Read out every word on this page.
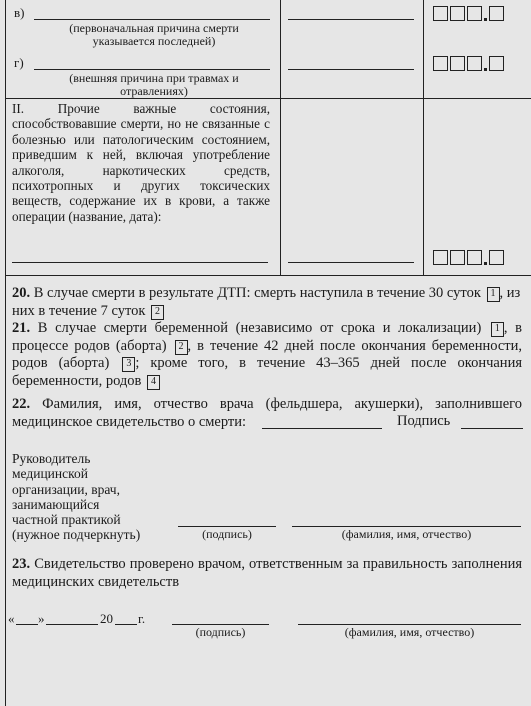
в)
(первоначальная причина смерти указывается последней)
г)
(внешняя причина при травмах и отравлениях)
II. Прочие важные состояния, способствовавшие смерти, но не связанные с болезнью или патологическим состоянием, приведшим к ней, включая употребление алкоголя, наркотических средств, психотропных и других токсических веществ, содержание их в крови, а также операции (название, дата):
20. В случае смерти в результате ДТП: смерть наступила в течение 30 суток 1 , из них в течение 7 суток 2
21. В случае смерти беременной (независимо от срока и локализации) 1 , в процессе родов (аборта) 2 , в течение 42 дней после окончания беременности, родов (аборта) 3 ; кроме того, в течение 43–365 дней после окончания беременности, родов 4
22. Фамилия, имя, отчество врача (фельдшера, акушерки), заполнившего медицинское свидетельство о смерти:	Подпись
Руководитель
медицинской
организации, врач,
занимающийся
частной практикой
(нужное подчеркнуть)	(подпись)	(фамилия, имя, отчество)
23. Свидетельство проверено врачом, ответственным за правильность заполнения медицинских свидетельств
« »	20 г.
(подпись)	(фамилия, имя, отчество)
